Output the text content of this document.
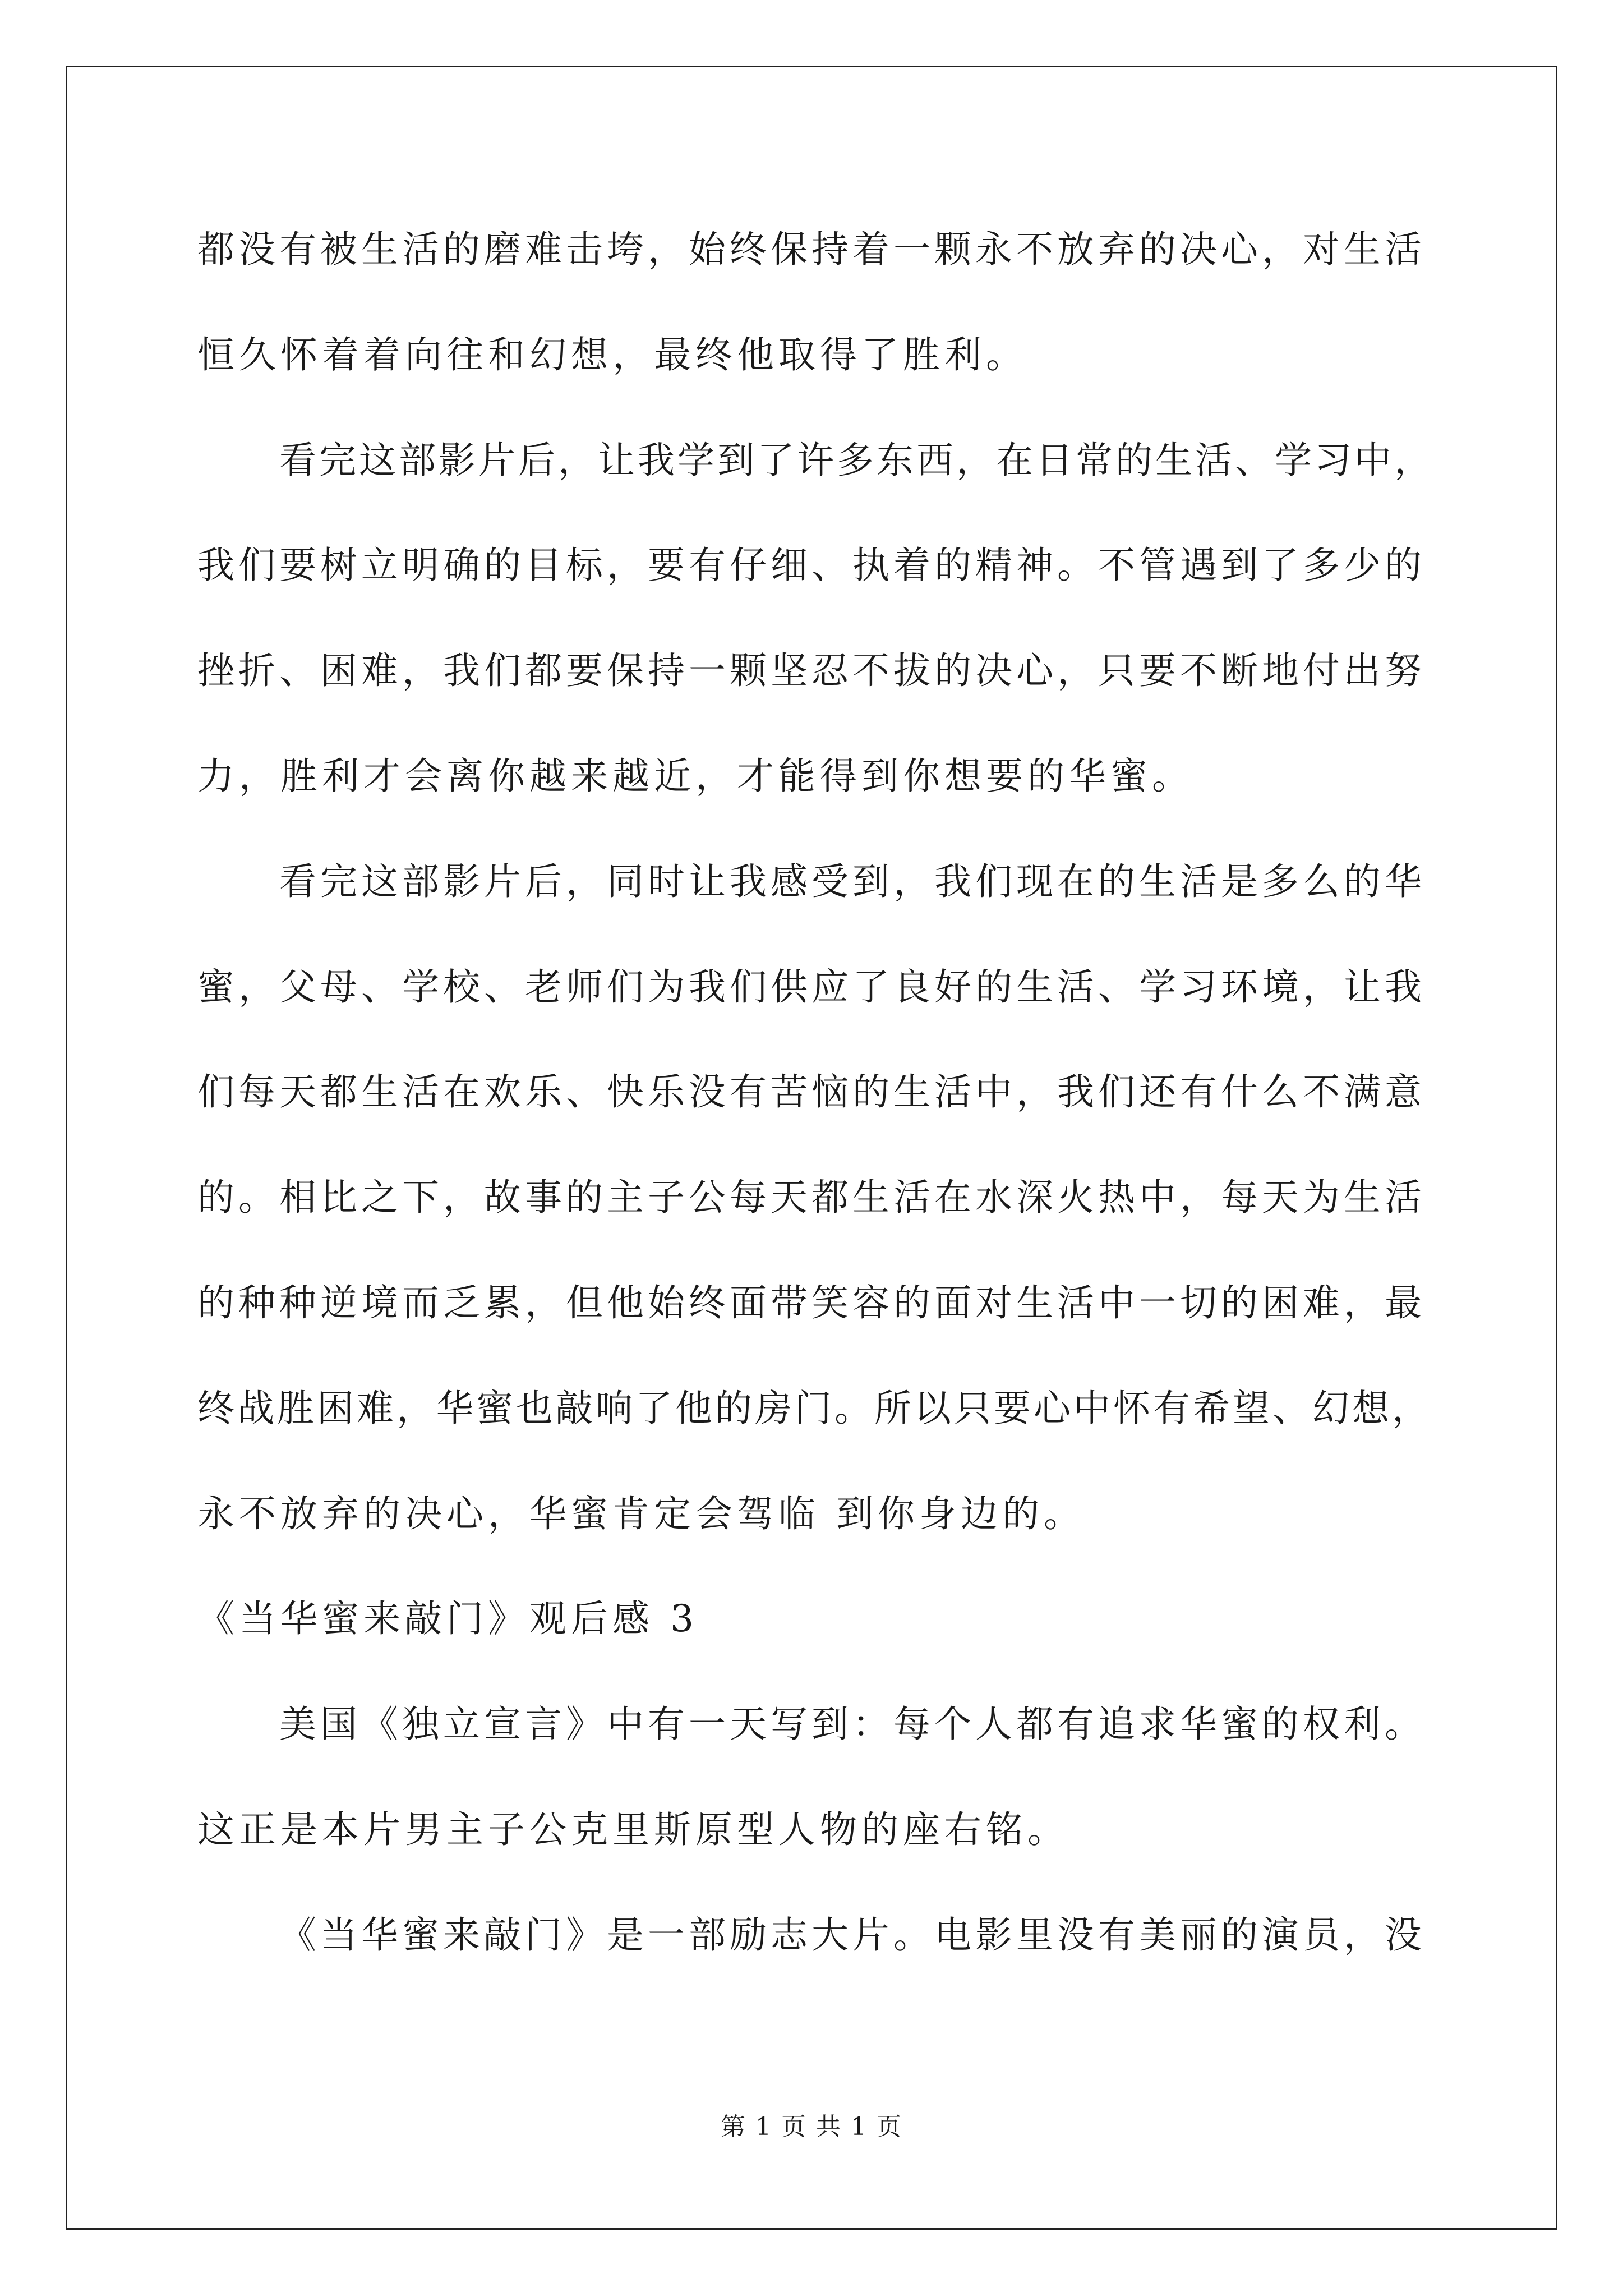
都没有被生活的磨难击垮，始终保持着一颗永不放弃的决心，对生活
恒久怀着着向往和幻想，最终他取得了胜利。
看完这部影片后，让我学到了许多东西，在日常的生活、学习中，
我们要树立明确的目标，要有仔细、执着的精神。不管遇到了多少的
挫折、困难，我们都要保持一颗坚忍不拔的决心，只要不断地付出努
力，胜利才会离你越来越近，才能得到你想要的华蜜。
看完这部影片后，同时让我感受到，我们现在的生活是多么的华
蜜，父母、学校、老师们为我们供应了良好的生活、学习环境，让我
们每天都生活在欢乐、快乐没有苦恼的生活中，我们还有什么不满意
的。相比之下，故事的主子公每天都生活在水深火热中，每天为生活
的种种逆境而乏累，但他始终面带笑容的面对生活中一切的困难，最
终战胜困难，华蜜也敲响了他的房门。所以只要心中怀有希望、幻想，
永不放弃的决心，华蜜肯定会驾临 到你身边的。
《当华蜜来敲门》观后感 3
美国《独立宣言》中有一天写到：每个人都有追求华蜜的权利。
这正是本片男主子公克里斯原型人物的座右铭。
《当华蜜来敲门》是一部励志大片。电影里没有美丽的演员，没
第 1 页 共 1 页
